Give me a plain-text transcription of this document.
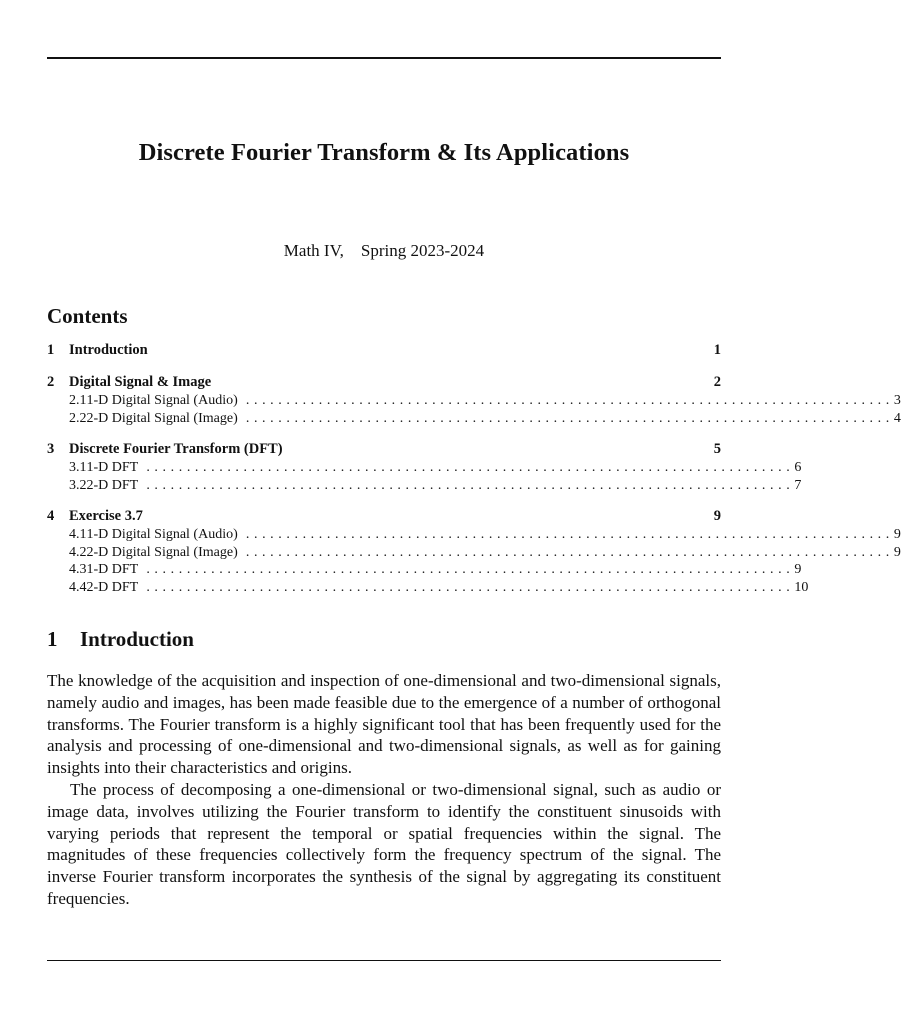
Discrete Fourier Transform & Its Applications
Math IV,    Spring 2023-2024
Contents
1	Introduction	1
2	Digital Signal & Image	2
2.1 1-D Digital Signal (Audio) ................................................................................ 3
2.2 2-D Digital Signal (Image) ................................................................................ 4
3	Discrete Fourier Transform (DFT)	5
3.1 1-D DFT ................................................................................ 6
3.2 2-D DFT ................................................................................ 7
4	Exercise 3.7	9
4.1 1-D Digital Signal (Audio) ................................................................................ 9
4.2 2-D Digital Signal (Image) ................................................................................ 9
4.3 1-D DFT ................................................................................ 9
4.4 2-D DFT ................................................................................ 10
1 Introduction

The knowledge of the acquisition and inspection of one-dimensional and two-dimensional signals, namely audio and images, has been made feasible due to the emergence of a number of orthogonal transforms. The Fourier transform is a highly significant tool that has been frequently used for the analysis and processing of one-dimensional and two-dimensional signals, as well as for gaining insights into their characteristics and origins.

The process of decomposing a one-dimensional or two-dimensional signal, such as audio or image data, involves utilizing the Fourier transform to identify the constituent sinusoids with varying periods that represent the temporal or spatial frequencies within the signal. The magnitudes of these frequencies collectively form the frequency spectrum of the signal. The inverse Fourier transform incorporates the synthesis of the signal by aggregating its constituent frequencies.
